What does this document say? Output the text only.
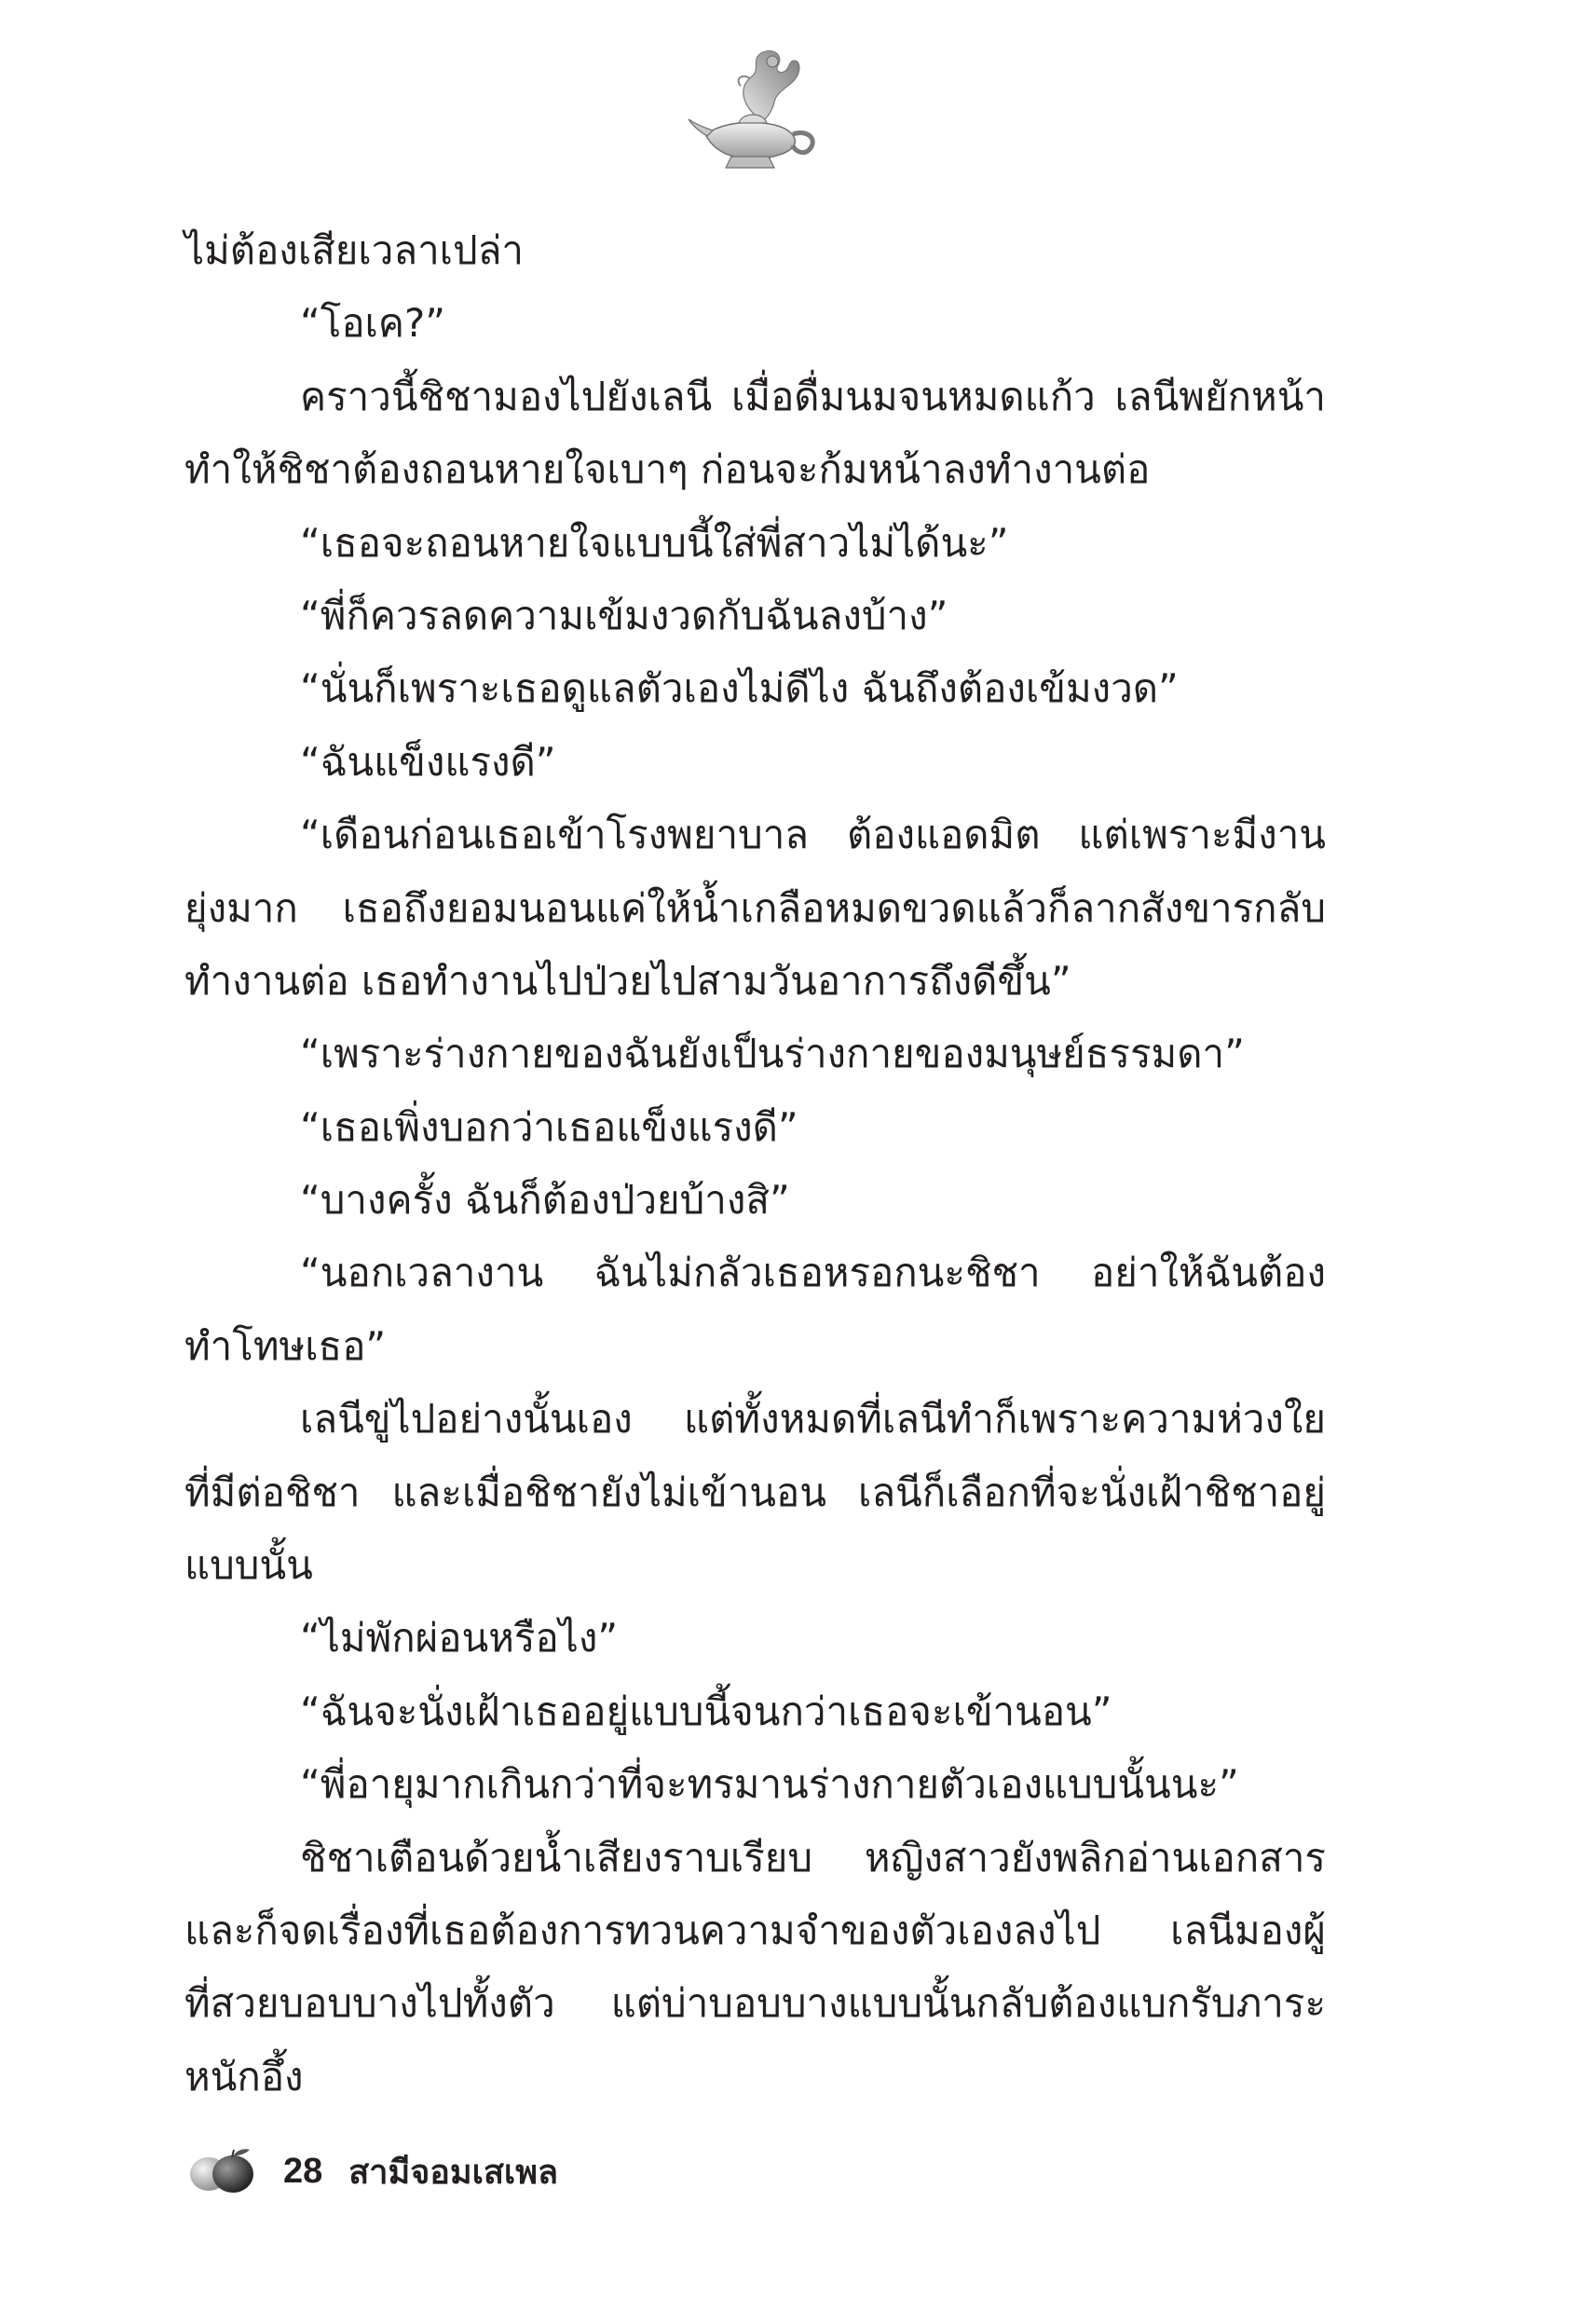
ไม่ต้องเสียเวลาเปล่า
“โอเค?”
คราวนี้ชิชามองไปยังเลนี เมื่อดื่มนมจนหมดแก้ว เลนีพยักหน้า
ทำให้ชิชาต้องถอนหายใจเบาๆ ก่อนจะก้มหน้าลงทำงานต่อ
“เธอจะถอนหายใจแบบนี้ใส่พี่สาวไม่ได้นะ”
“พี่ก็ควรลดความเข้มงวดกับฉันลงบ้าง”
“นั่นก็เพราะเธอดูแลตัวเองไม่ดีไง ฉันถึงต้องเข้มงวด”
“ฉันแข็งแรงดี”
“เดือนก่อนเธอเข้าโรงพยาบาล ต้องแอดมิต แต่เพราะมีงาน
ยุ่งมาก เธอถึงยอมนอนแค่ให้น้ำเกลือหมดขวดแล้วก็ลากสังขารกลับ
ทำงานต่อ เธอทำงานไปป่วยไปสามวันอาการถึงดีขึ้น”
“เพราะร่างกายของฉันยังเป็นร่างกายของมนุษย์ธรรมดา”
“เธอเพิ่งบอกว่าเธอแข็งแรงดี”
“บางครั้ง ฉันก็ต้องป่วยบ้างสิ”
“นอกเวลางาน ฉันไม่กลัวเธอหรอกนะชิชา อย่าให้ฉันต้อง
ทำโทษเธอ”
เลนีขู่ไปอย่างนั้นเอง แต่ทั้งหมดที่เลนีทำก็เพราะความห่วงใย
ที่มีต่อชิชา และเมื่อชิชายังไม่เข้านอน เลนีก็เลือกที่จะนั่งเฝ้าชิชาอยู่
แบบนั้น
“ไม่พักผ่อนหรือไง”
“ฉันจะนั่งเฝ้าเธออยู่แบบนี้จนกว่าเธอจะเข้านอน”
“พี่อายุมากเกินกว่าที่จะทรมานร่างกายตัวเองแบบนั้นนะ”
ชิชาเตือนด้วยน้ำเสียงราบเรียบ หญิงสาวยังพลิกอ่านเอกสาร
และก็จดเรื่องที่เธอต้องการทวนความจำของตัวเองลงไป เลนีมองผู้
ที่สวยบอบบางไปทั้งตัว แต่บ่าบอบบางแบบนั้นกลับต้องแบกรับภาระ
หนักอึ้ง
28 สามีจอมเสเพล
